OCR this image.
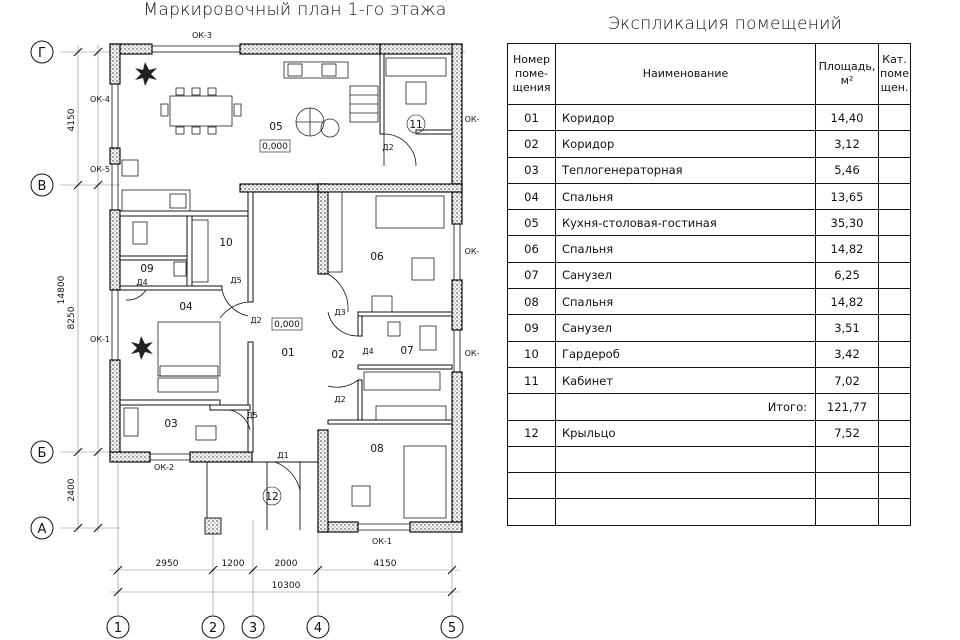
Маркировочный план 1-го этажа
Экспликация помещений
Г
В
Б
А
1	2 3	4	5
4150
8250
2400
14800
2950	1200	2000	4150
10300
05	11
10
09
04
06
01	02	07
03
08
12
0,000
0,000
ОК-3
ОК-4
ОК-5
ОК-1
ОК-2
ОК-1
ОК-
ОК-
ОК-
Д2
Д5
Д4
Д2
Д3
Д4
Д2
Д5
Д1
Номер поме-щения	Наименование	Площадь, м²	Кат. поме щен.
01	Коридор	14,40	
02	Коридор	3,12	
03	Теплогенераторная	5,46	
04	Спальня	13,65	
05	Кухня-столовая-гостиная	35,30	
06	Спальня	14,82	
07	Санузел	6,25	
08	Спальня	14,82	
09	Санузел	3,51	
10	Гардероб	3,42	
11	Кабинет	7,02	
	Итого:	121,77	
12	Крыльцо	7,52	
